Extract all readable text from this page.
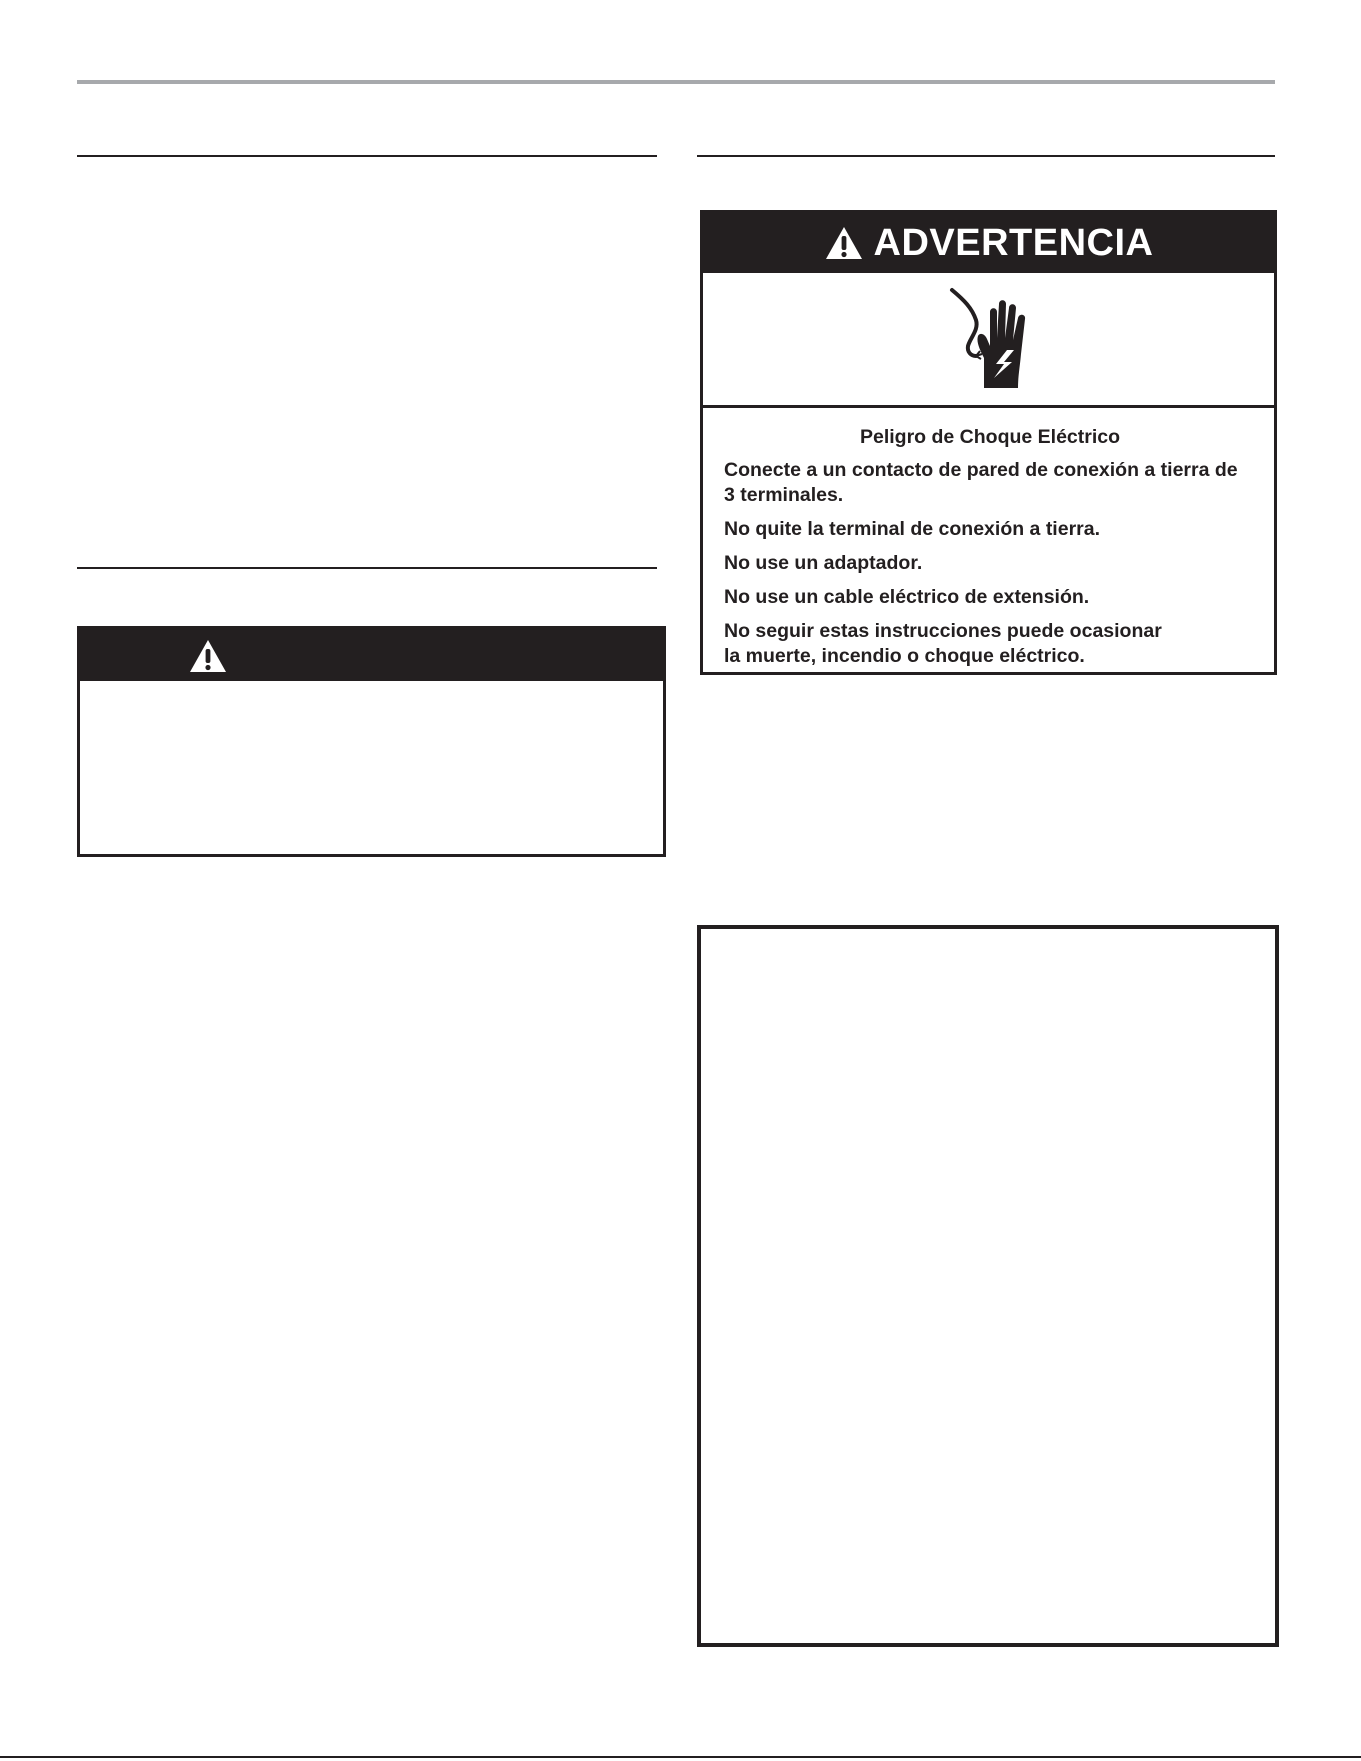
ADVERTENCIA

Peligro de Choque Eléctrico

Conecte a un contacto de pared de conexión a tierra de
3 terminales.

No quite la terminal de conexión a tierra.

No use un adaptador.

No use un cable eléctrico de extensión.

No seguir estas instrucciones puede ocasionar
la muerte, incendio o choque eléctrico.
